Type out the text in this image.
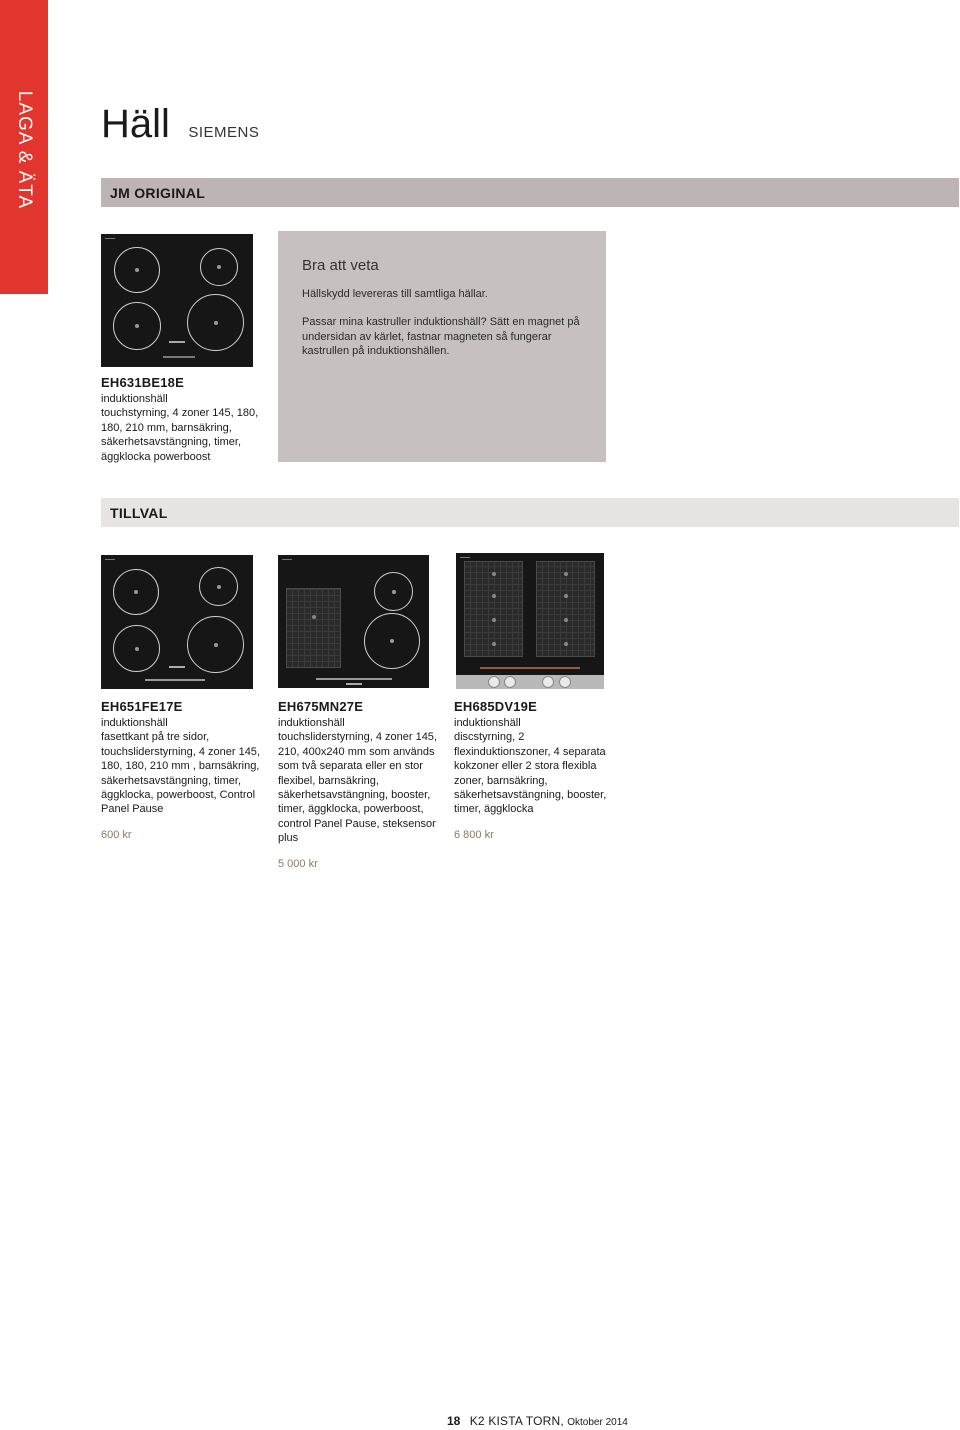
LAGA & ÄTA Häll SIEMENS
JM ORIGINAL
EH631BE18E

induktionshäll

touchstyrning, 4 zoner 145, 180, 180, 210 mm, barnsäkring, säkerhetsavstängning, timer, äggklocka powerboost

Bra att veta

Hällskydd levereras till samtliga hällar.

Passar mina kastruller induktionshäll? Sätt en magnet på undersidan av kärlet, fastnar magneten så fungerar kastrullen på induktionshällen.

TILLVAL
EH651FE17E

induktionshäll

fasettkant på tre sidor, touchsliderstyrning, 4 zoner 145, 180, 180, 210 mm , barnsäkring, säkerhetsavstängning, timer, äggklocka, powerboost, Control Panel Pause

600 kr

EH675MN27E

induktionshäll

touchsliderstyrning, 4 zoner 145, 210, 400x240 mm som används som två separata eller en stor flexibel, barnsäkring, säkerhetsavstängning, booster, timer, äggklocka, powerboost, control Panel Pause, steksensor plus

5 000 kr

EH685DV19E

induktionshäll

discstyrning, 2 flexinduktionszoner, 4 separata kokzoner eller 2 stora flexibla zoner, barnsäkring, säkerhetsavstängning, booster, timer, äggklocka

6 800 kr

18 K2 KISTA TORN, Oktober 2014
